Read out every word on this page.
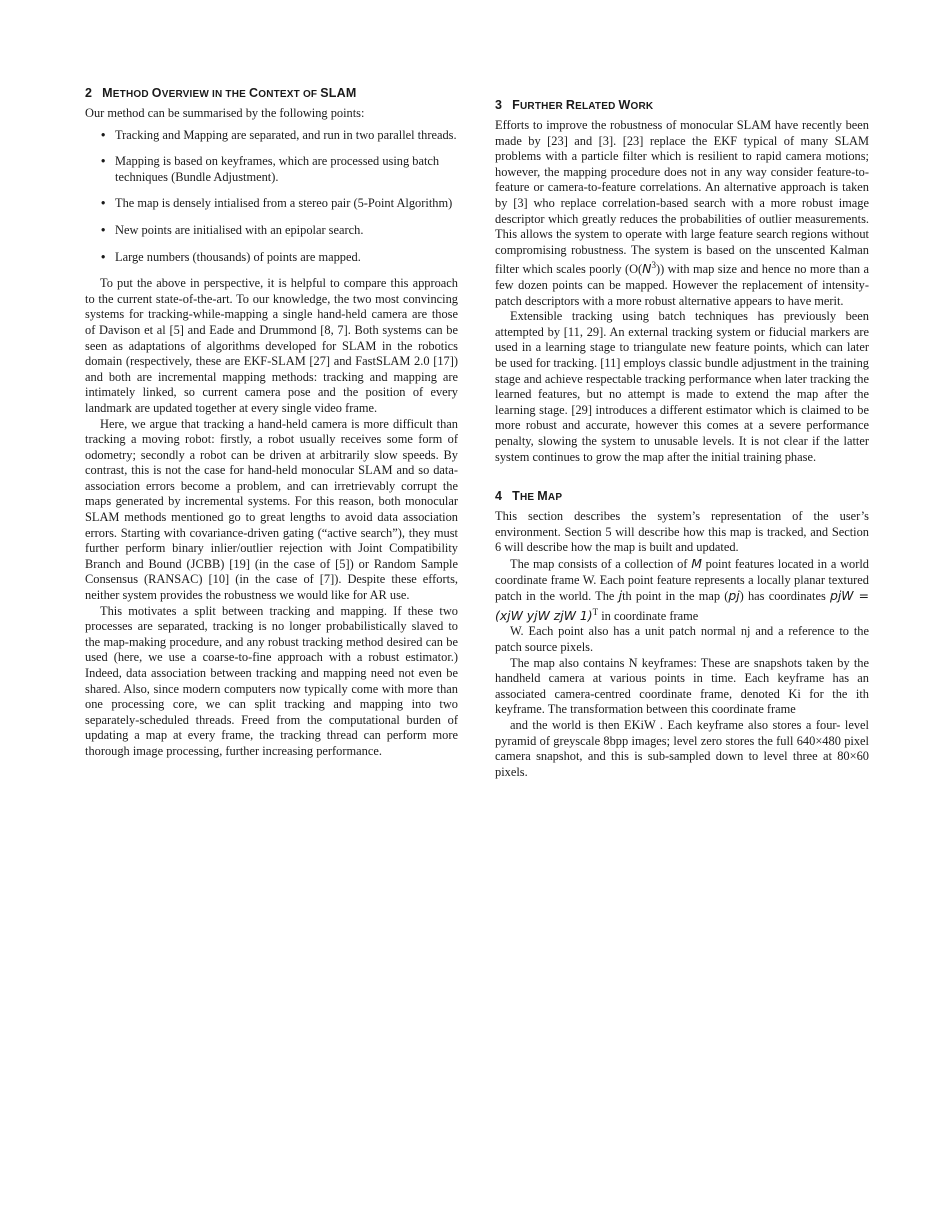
2 METHOD OVERVIEW IN THE CONTEXT OF SLAM

Our method can be summarised by the following points:

• Tracking and Mapping are separated, and run in two parallel threads.
• Mapping is based on keyframes, which are processed using batch techniques (Bundle Adjustment).
• The map is densely intialised from a stereo pair (5-Point Algorithm)
• New points are initialised with an epipolar search.
• Large numbers (thousands) of points are mapped.

To put the above in perspective, it is helpful to compare this approach to the current state-of-the-art. To our knowledge, the two most convincing systems for tracking-while-mapping a single hand-held camera are those of Davison et al [5] and Eade and Drummond [8, 7]. Both systems can be seen as adaptations of algorithms developed for SLAM in the robotics domain (respectively, these are EKF-SLAM [27] and FastSLAM 2.0 [17]) and both are incremental mapping methods: tracking and mapping are intimately linked, so current camera pose and the position of every landmark are updated together at every single video frame.

Here, we argue that tracking a hand-held camera is more difficult than tracking a moving robot: firstly, a robot usually receives some form of odometry; secondly a robot can be driven at arbitrarily slow speeds. By contrast, this is not the case for hand-held monocular SLAM and so data-association errors become a problem, and can irretrievably corrupt the maps generated by incremental systems. For this reason, both monocular SLAM methods mentioned go to great lengths to avoid data association errors. Starting with covariance-driven gating (“active search”), they must further perform binary inlier/outlier rejection with Joint Compatibility Branch and Bound (JCBB) [19] (in the case of [5]) or Random Sample Consensus (RANSAC) [10] (in the case of [7]). Despite these efforts, neither system provides the robustness we would like for AR use.

This motivates a split between tracking and mapping. If these two processes are separated, tracking is no longer probabilistically slaved to the map-making procedure, and any robust tracking method desired can be used (here, we use a coarse-to-fine approach with a robust estimator.) Indeed, data association between tracking and mapping need not even be shared. Also, since modern computers now typically come with more than one processing core, we can split tracking and mapping into two separately-scheduled threads. Freed from the computational burden of updating a map at every frame, the tracking thread can perform more thorough image processing, further increasing performance.

3 FURTHER RELATED WORK

Efforts to improve the robustness of monocular SLAM have recently been made by [23] and [3]. [23] replace the EKF typical of many SLAM problems with a particle filter which is resilient to rapid camera motions; however, the mapping procedure does not in any way consider feature-to-feature or camera-to-feature correlations. An alternative approach is taken by [3] who replace correlation-based search with a more robust image descriptor which greatly reduces the probabilities of outlier measurements. This allows the system to operate with large feature search regions without compromising robustness. The system is based on the unscented Kalman filter which scales poorly $(O(N^3))$ with map size and hence no more than a few dozen points can be mapped. However the replacement of intensity-patch descriptors with a more robust alternative appears to have merit.

Extensible tracking using batch techniques has previously been attempted by [11, 29]. An external tracking system or fiducial markers are used in a learning stage to triangulate new feature points, which can later be used for tracking. [11] employs classic bundle adjustment in the training stage and achieve respectable tracking performance when later tracking the learned features, but no attempt is made to extend the map after the learning stage. [29] introduces a different estimator which is claimed to be more robust and accurate, however this comes at a severe performance penalty, slowing the system to unusable levels. It is not clear if the latter system continues to grow the map after the initial training phase.

4 THE MAP

This section describes the system’s representation of the user’s environment. Section 5 will describe how this map is tracked, and Section 6 will describe how the map is built and updated.

The map consists of a collection of M point features located in a world coordinate frame W. Each point feature represents a locally planar textured patch in the world. The jth point in the map (pj) has coordinates pjW = (xjW yjW zjW 1)$^T$ in coordinate frame

W. Each point also has a unit patch normal nj and a reference to the patch source pixels.

The map also contains N keyframes: These are snapshots taken by the handheld camera at various points in time. Each keyframe has an associated camera-centred coordinate frame, denoted Ki for the ith keyframe. The transformation between this coordinate frame

and the world is then EKiW . Each keyframe also stores a four- level pyramid of greyscale 8bpp images; level zero stores the full 640×480 pixel camera snapshot, and this is sub-sampled down to level three at 80×60 pixels.
